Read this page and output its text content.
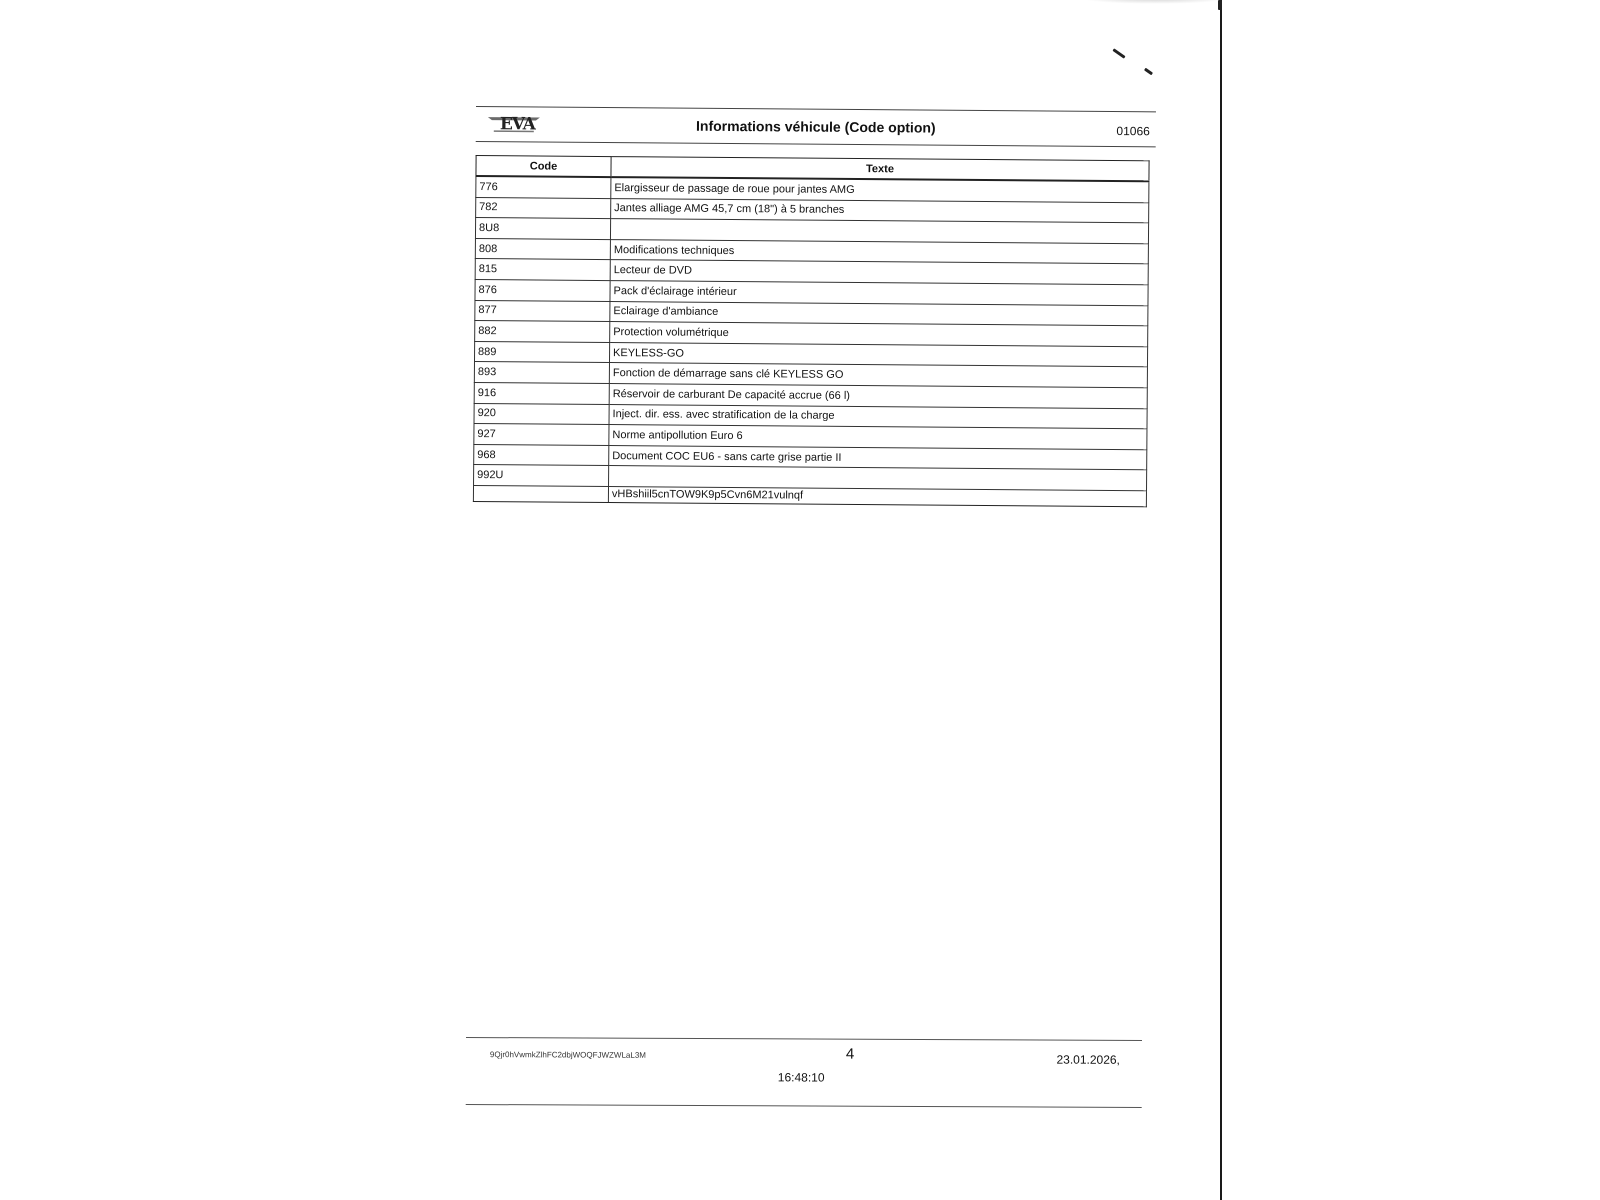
EVA	Informations véhicule (Code option)	01066
Code	Texte
776	Elargisseur de passage de roue pour jantes AMG
782	Jantes alliage AMG 45,7 cm (18") à 5 branches
8U8	
808	Modifications techniques
815	Lecteur de DVD
876	Pack d'éclairage intérieur
877	Eclairage d'ambiance
882	Protection volumétrique
889	KEYLESS-GO
893	Fonction de démarrage sans clé KEYLESS GO
916	Réservoir de carburant De capacité accrue (66 l)
920	Inject. dir. ess. avec stratification de la charge
927	Norme antipollution Euro 6
968	Document COC EU6 - sans carte grise partie II
992U	
	vHBshiil5cnTOW9K9p5Cvn6M21vulnqf
9Qjr0hVwmkZlhFC2dbjWOQFJWZWLaL3M	4	23.01.2026,
16:48:10
